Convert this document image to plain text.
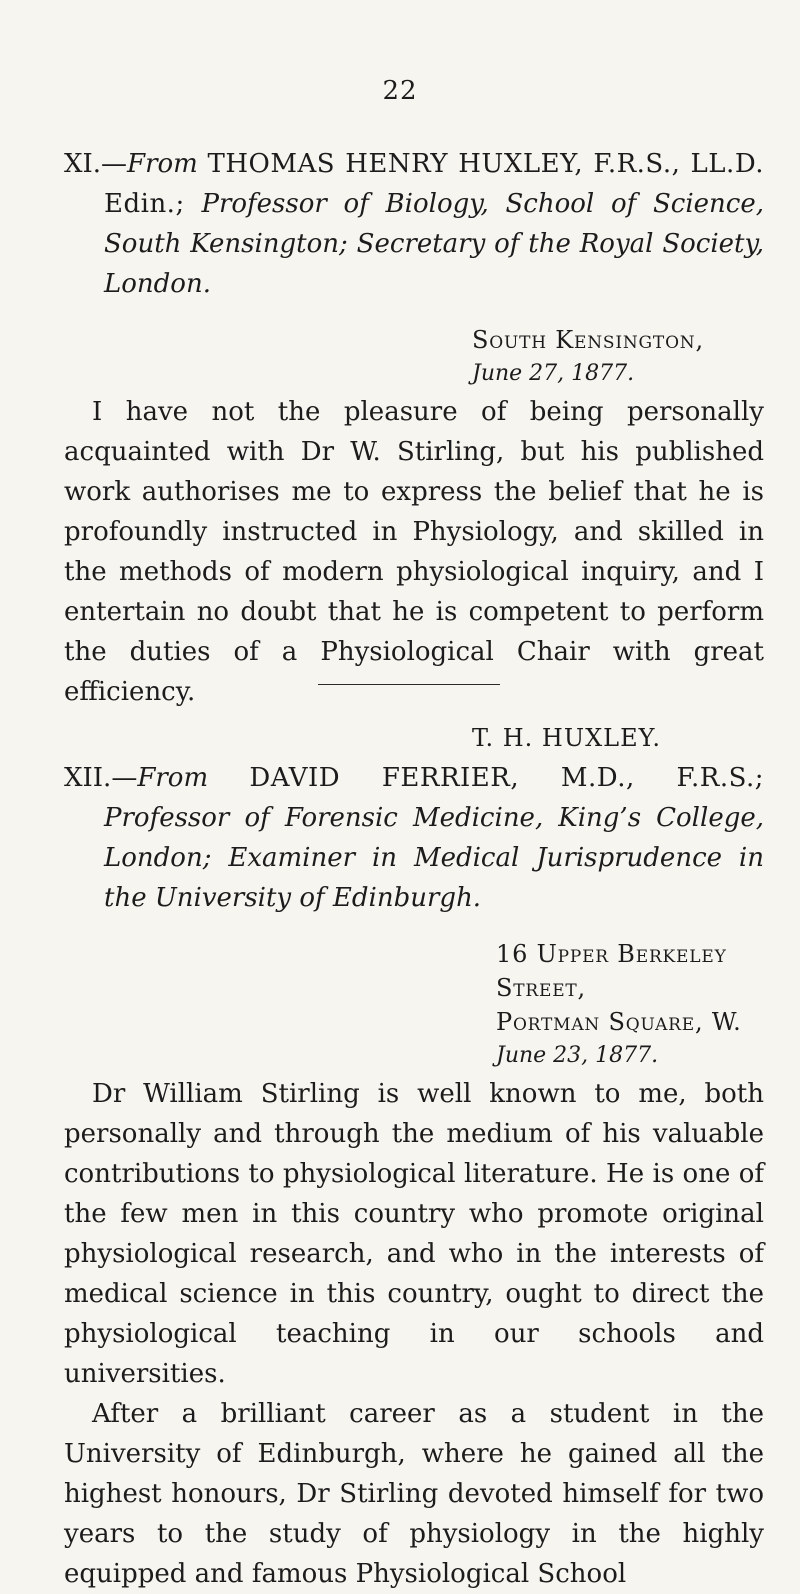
22

XI.—From THOMAS HENRY HUXLEY, F.R.S., LL.D. Edin.; Professor of Biology, School of Science, South Kensington; Secretary of the Royal Society, London.

South Kensington,
June 27, 1877.

I have not the pleasure of being personally acquainted with Dr W. Stirling, but his published work authorises me to express the belief that he is profoundly instructed in Physiology, and skilled in the methods of modern physiological inquiry, and I entertain no doubt that he is competent to perform the duties of a Physiological Chair with great efficiency.

T. H. HUXLEY.

XII.—From DAVID FERRIER, M.D., F.R.S.; Professor of Forensic Medicine, King’s College, London; Examiner in Medical Jurisprudence in the University of Edinburgh.

16 Upper Berkeley Street,
Portman Square, W.
June 23, 1877.

Dr William Stirling is well known to me, both personally and through the medium of his valuable contributions to physiological literature. He is one of the few men in this country who promote original physiological research, and who in the interests of medical science in this country, ought to direct the physiological teaching in our schools and universities.

After a brilliant career as a student in the University of Edinburgh, where he gained all the highest honours, Dr Stirling devoted himself for two years to the study of physiology in the highly equipped and famous Physiological School
